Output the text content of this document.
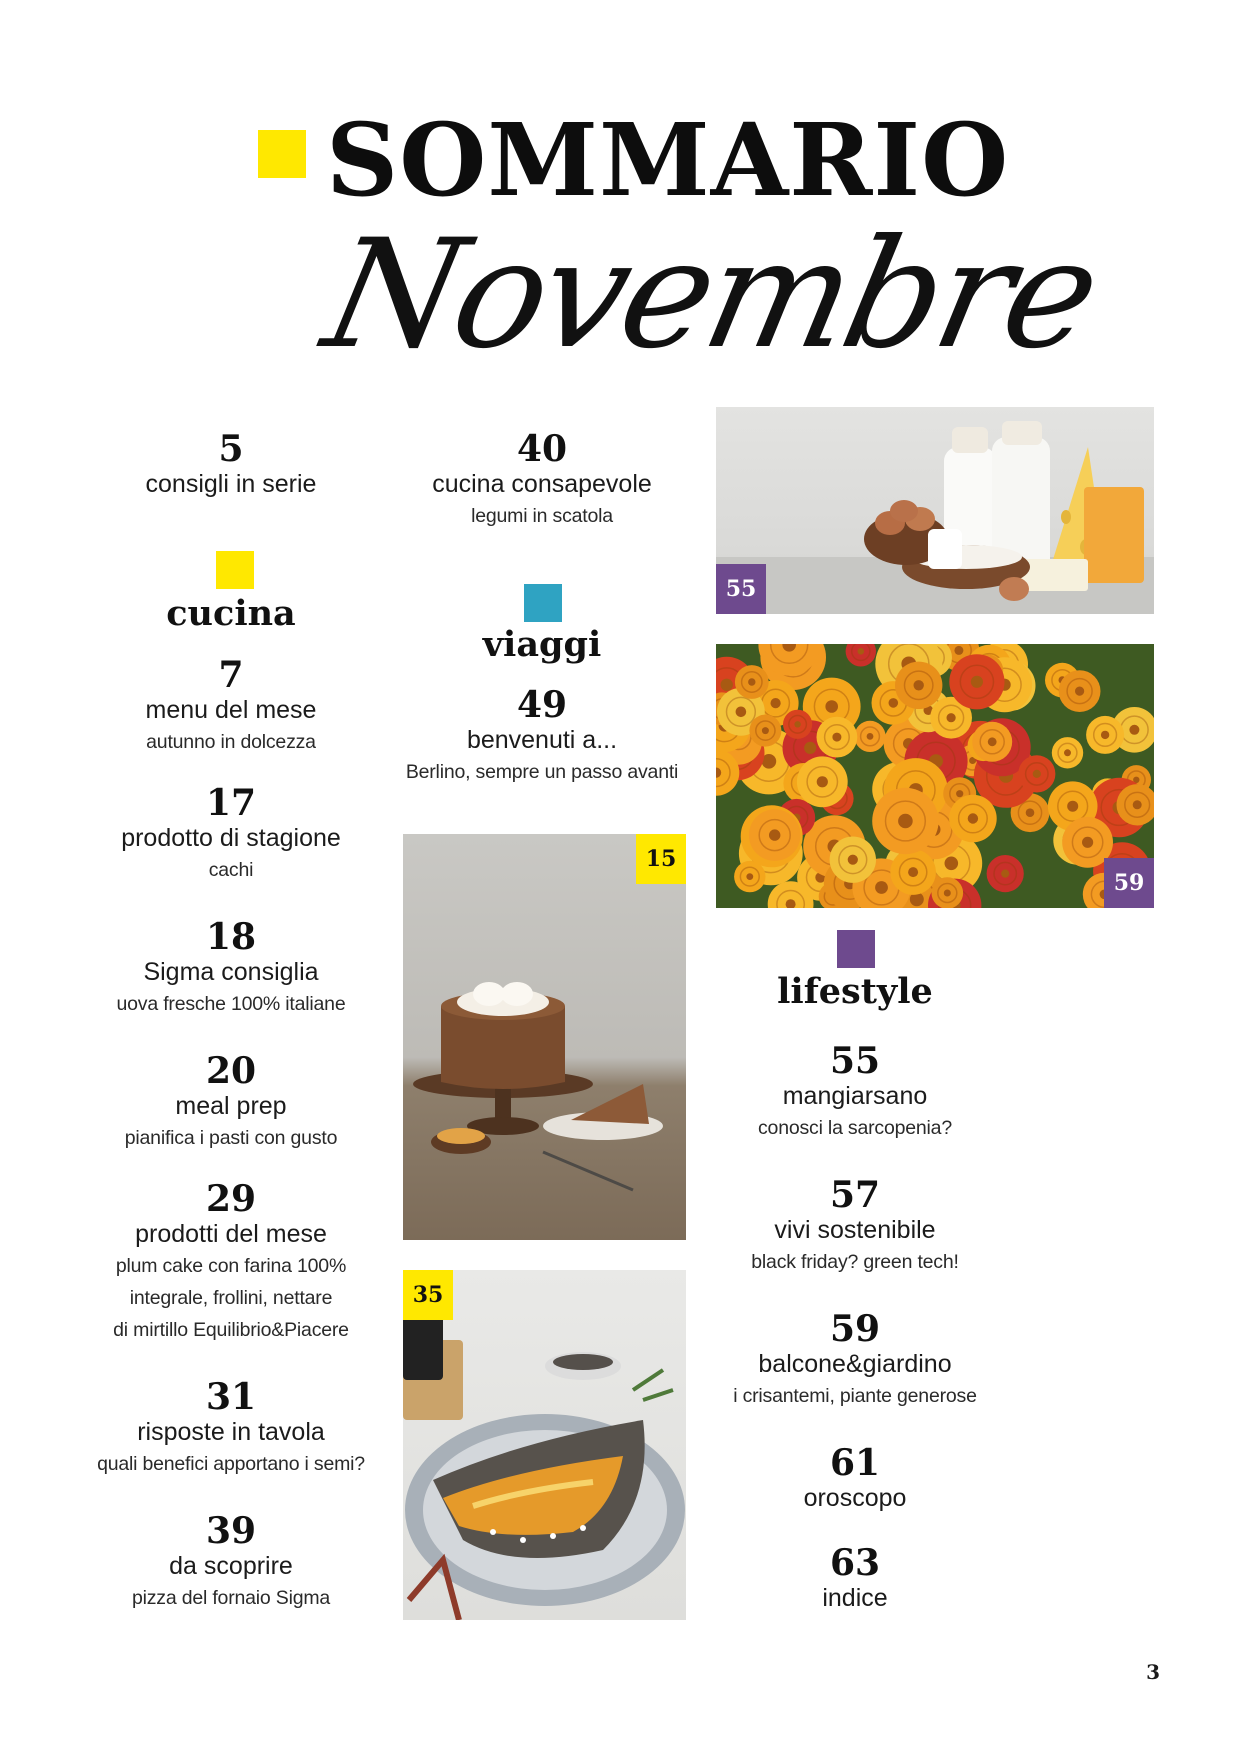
SOMMARIO
Novembre
5
consigli in serie
cucina
7
menu del mese
autunno in dolcezza
17
prodotto di stagione
cachi
18
Sigma consiglia
uova fresche 100% italiane
20
meal prep
pianifica i pasti con gusto
29
prodotti del mese
plum cake con farina 100%
integrale, frollini, nettare
di mirtillo Equilibrio&Piacere
31
risposte in tavola
quali benefici apportano i semi?
39
da scoprire
pizza del fornaio Sigma
40
cucina consapevole
legumi in scatola
viaggi
49
benvenuti a...
Berlino, sempre un passo avanti
lifestyle
55
mangiarsano
conosci la sarcopenia?
57
vivi sostenibile
black friday? green tech!
59
balcone&giardino
i crisantemi, piante generose
61
oroscopo
63
indice
55
59
15
35
3
